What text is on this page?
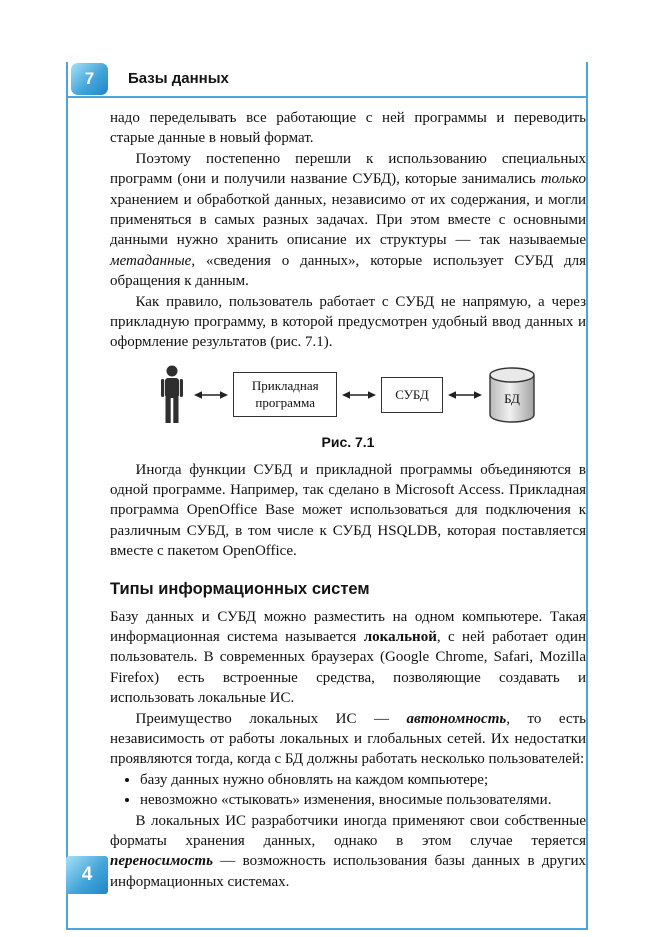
7	Базы данных
4

надо переделывать все работающие с ней программы и переводить старые данные в новый формат.

Поэтому постепенно перешли к использованию специальных программ (они и получили название СУБД), которые занимались только хранением и обработкой данных, независимо от их содержания, и могли применяться в самых разных задачах. При этом вместе с основными данными нужно хранить описание их структуры — так называемые метаданные, «сведения о данных», которые использует СУБД для обращения к данным.

Как правило, пользователь работает с СУБД не напрямую, а через прикладную программу, в которой предусмотрен удобный ввод данных и оформление результатов (рис. 7.1).

Прикладная программа
СУБД	БД
Рис. 7.1

Иногда функции СУБД и прикладной программы объединяются в одной программе. Например, так сделано в Microsoft Access. Прикладная программа OpenOffice Base может использоваться для подключения к различным СУБД, в том числе к СУБД HSQLDB, которая поставляется вместе с пакетом OpenOffice.

Типы информационных систем

Базу данных и СУБД можно разместить на одном компьютере. Такая информационная система называется локальной, с ней работает один пользователь. В современных браузерах (Google Chrome, Safari, Mozilla Firefox) есть встроенные средства, позволяющие создавать и использовать локальные ИС.

Преимущество локальных ИС — автономность, то есть независимость от работы локальных и глобальных сетей. Их недостатки проявляются тогда, когда с БД должны работать несколько пользователей:

• базу данных нужно обновлять на каждом компьютере;
• невозможно «стыковать» изменения, вносимые пользователями.

В локальных ИС разработчики иногда применяют свои собственные форматы хранения данных, однако в этом случае теряется переносимость — возможность использования базы данных в других информационных системах.
